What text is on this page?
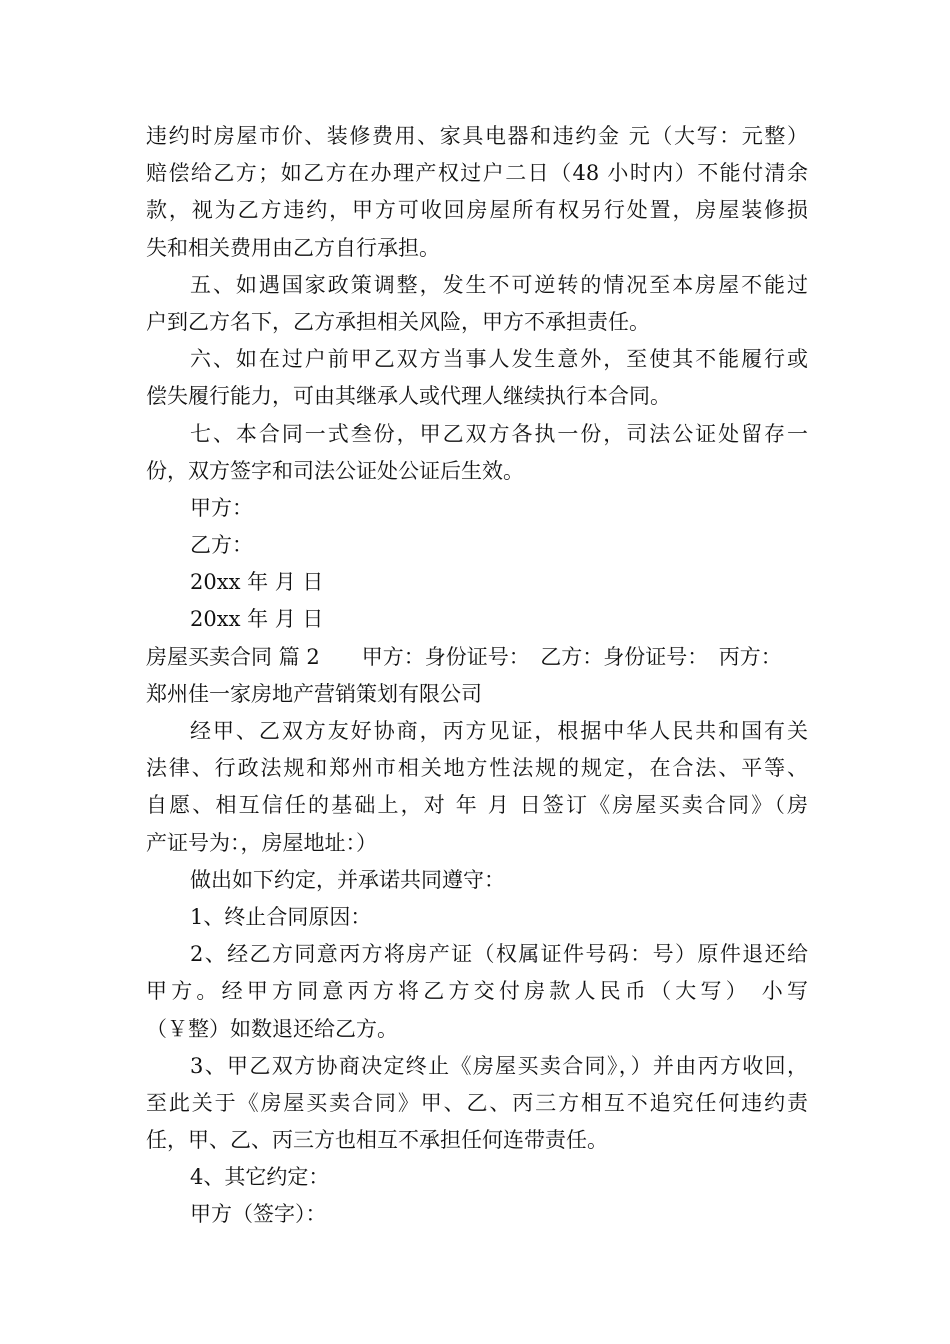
违约时房屋市价、装修费用、家具电器和违约金 元（大写：元整）
赔偿给乙方；如乙方在办理产权过户二日（48 小时内）不能付清余
款，视为乙方违约，甲方可收回房屋所有权另行处置，房屋装修损
失和相关费用由乙方自行承担。
五、如遇国家政策调整，发生不可逆转的情况至本房屋不能过
户到乙方名下，乙方承担相关风险，甲方不承担责任。
六、如在过户前甲乙双方当事人发生意外，至使其不能履行或
偿失履行能力，可由其继承人或代理人继续执行本合同。
七、本合同一式叁份，甲乙双方各执一份，司法公证处留存一
份，双方签字和司法公证处公证后生效。
甲方：
乙方：
20xx 年 月 日
20xx 年 月 日
房屋买卖合同 篇 2　　甲方：身份证号：　乙方：身份证号：　丙方：
郑州佳一家房地产营销策划有限公司
经甲、乙双方友好协商，丙方见证，根据中华人民共和国有关
法律、行政法规和郑州市相关地方性法规的规定，在合法、平等、
自愿、相互信任的基础上，对 年 月 日签订《房屋买卖合同》（房
产证号为：，房屋地址：）
做出如下约定，并承诺共同遵守：
1、终止合同原因：
2、经乙方同意丙方将房产证（权属证件号码：号）原件退还给
甲方。经甲方同意丙方将乙方交付房款人民币（大写） 小写
（￥整）如数退还给乙方。
3、甲乙双方协商决定终止《房屋买卖合同》，）并由丙方收回，
至此关于《房屋买卖合同》甲、乙、丙三方相互不追究任何违约责
任，甲、乙、丙三方也相互不承担任何连带责任。
4、其它约定：
甲方（签字）：
